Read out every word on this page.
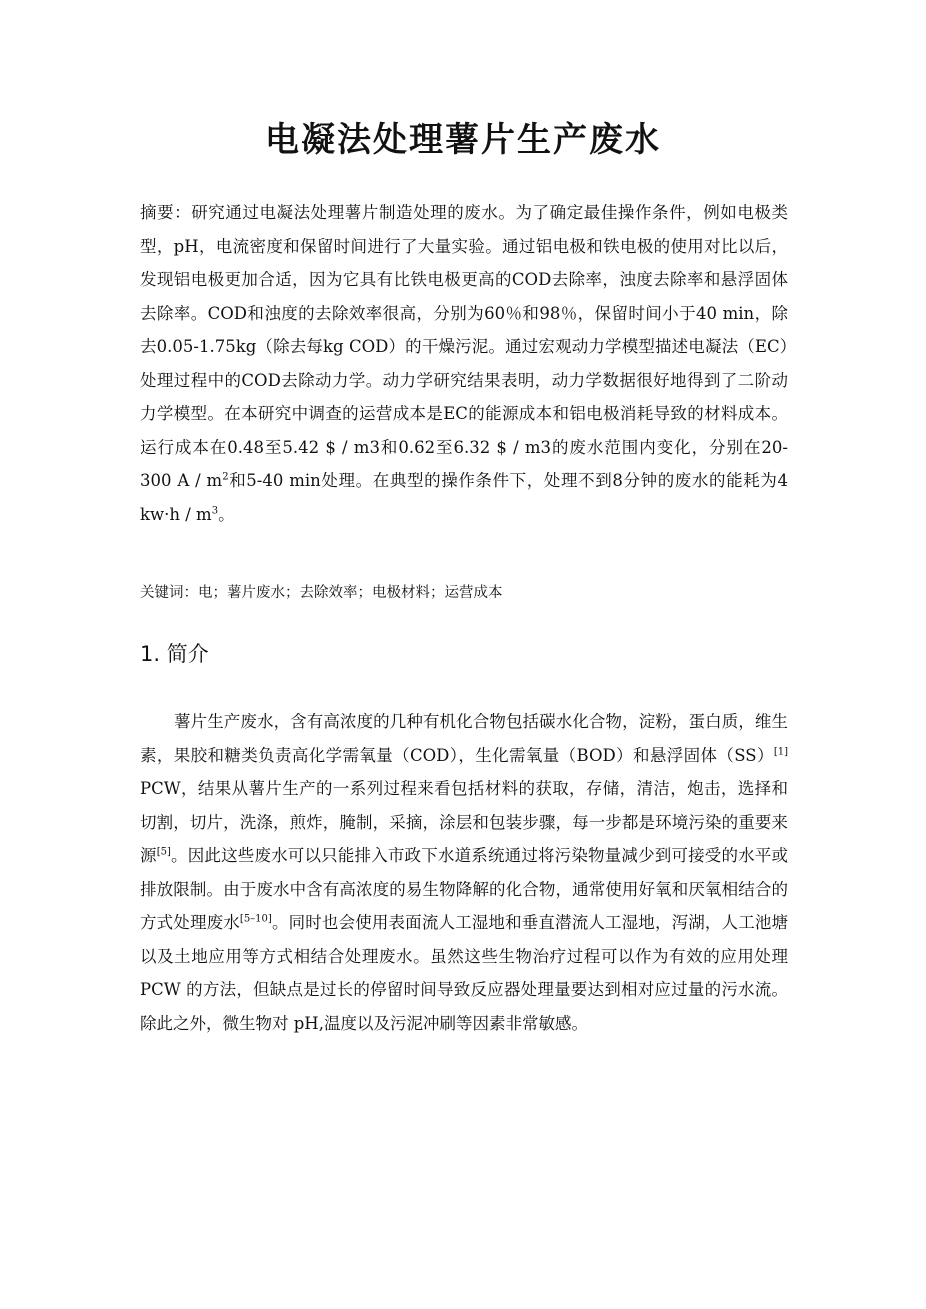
电凝法处理薯片生产废水

摘要：研究通过电凝法处理薯片制造处理的废水。为了确定最佳操作条件，例如电极类型，pH，电流密度和保留时间进行了大量实验。通过铝电极和铁电极的使用对比以后，发现铝电极更加合适，因为它具有比铁电极更高的COD去除率，浊度去除率和悬浮固体去除率。COD和浊度的去除效率很高，分别为60％和98％，保留时间小于40 min，除去0.05-1.75kg（除去每kg COD）的干燥污泥。通过宏观动力学模型描述电凝法（EC）处理过程中的COD去除动力学。动力学研究结果表明，动力学数据很好地得到了二阶动力学模型。在本研究中调查的运营成本是EC的能源成本和铝电极消耗导致的材料成本。运行成本在0.48至5.42 $ / m3和0.62至6.32 $ / m3的废水范围内变化，分别在20-300 A / $m^2$和5-40 min处理。在典型的操作条件下，处理不到8分钟的废水的能耗为4 $kw\cdot h / m^3$。

关键词：电；薯片废水；去除效率；电极材料；运营成本

1. 简介

薯片生产废水，含有高浓度的几种有机化合物包括碳水化合物，淀粉，蛋白质，维生素，果胶和糖类负责高化学需氧量（COD），生化需氧量（BOD）和悬浮固体（SS）[1] PCW，结果从薯片生产的一系列过程来看包括材料的获取，存储，清洁，炮击，选择和切割，切片，洗涤，煎炸，腌制，采摘，涂层和包装步骤，每一步都是环境污染的重要来源[5]。因此这些废水可以只能排入市政下水道系统通过将污染物量减少到可接受的水平或排放限制。由于废水中含有高浓度的易生物降解的化合物，通常使用好氧和厌氧相结合的方式处理废水[5–10]。同时也会使用表面流人工湿地和垂直潜流人工湿地，泻湖，人工池塘以及土地应用等方式相结合处理废水。虽然这些生物治疗过程可以作为有效的应用处理 PCW 的方法，但缺点是过长的停留时间导致反应器处理量要达到相对应过量的污水流。除此之外，微生物对 pH,温度以及污泥冲刷等因素非常敏感。
